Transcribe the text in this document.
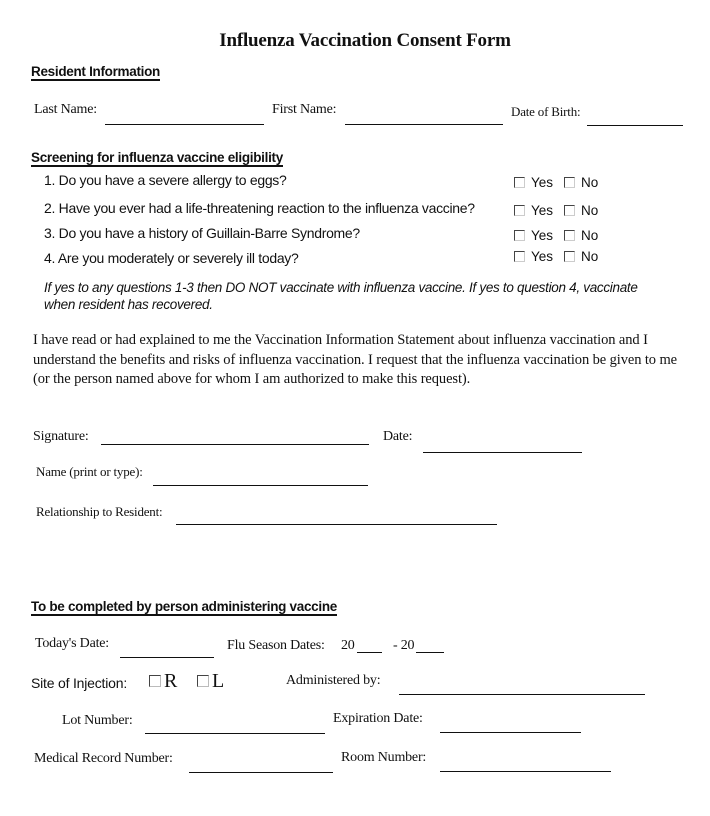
Influenza Vaccination Consent Form
Resident Information
Last Name:	First Name:	Date of Birth:
Screening for influenza vaccine eligibility
1. Do you have a severe allergy to eggs?	Yes	No
2. Have you ever had a life-threatening reaction to the influenza vaccine?	Yes	No
3. Do you have a history of Guillain-Barre Syndrome?	Yes	No
4. Are you moderately or severely ill today?	Yes	No
If yes to any questions 1-3 then DO NOT vaccinate with influenza vaccine. If yes to question 4, vaccinate when resident has recovered.
I have read or had explained to me the Vaccination Information Statement about influenza vaccination and I understand the benefits and risks of influenza vaccination. I request that the influenza vaccination be given to me (or the person named above for whom I am authorized to make this request).
Signature:	Date:
Name (print or type):
Relationship to Resident:
To be completed by person administering vaccine
Today's Date:	Flu Season Dates: 20	- 20
Site of Injection:	R	L	Administered by:
Lot Number:	Expiration Date:
Medical Record Number:	Room Number:
